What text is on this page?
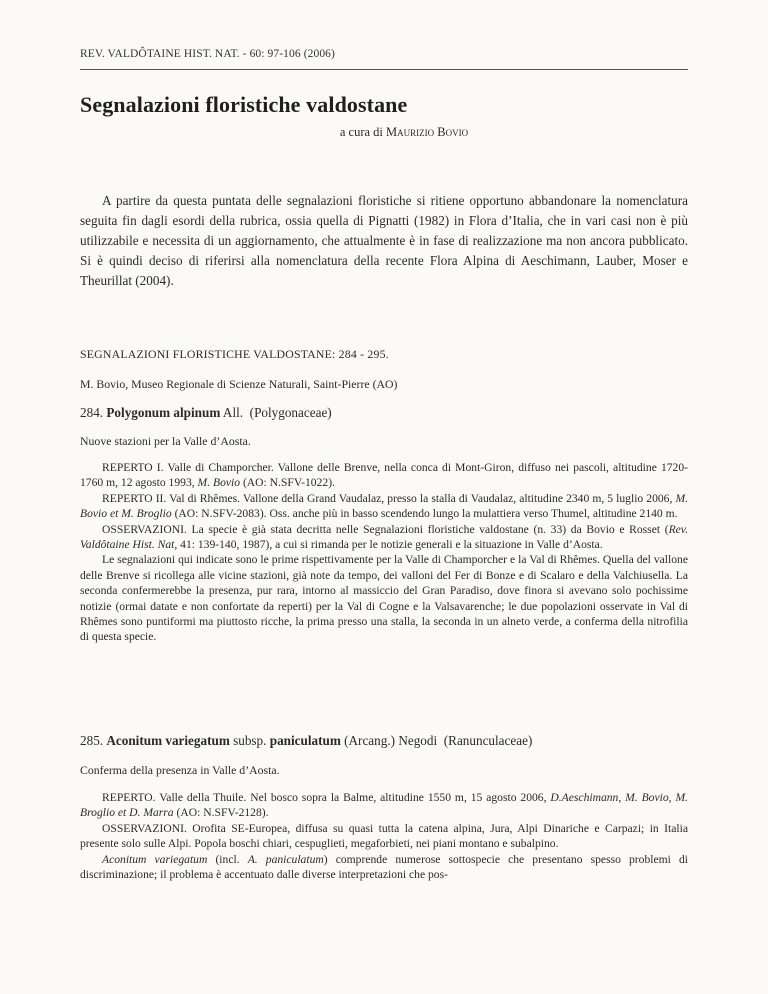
REV. VALDÔTAINE HIST. NAT. - 60: 97-106 (2006)
Segnalazioni floristiche valdostane
a cura di Maurizio Bovio
A partire da questa puntata delle segnalazioni floristiche si ritiene opportuno abbandonare la nomenclatura seguita fin dagli esordi della rubrica, ossia quella di Pignatti (1982) in Flora d’Italia, che in vari casi non è più utilizzabile e necessita di un aggiornamento, che attualmente è in fase di realizzazione ma non ancora pubblicato. Si è quindi deciso di riferirsi alla nomenclatura della recente Flora Alpina di Aeschimann, Lauber, Moser e Theurillat (2004).
SEGNALAZIONI FLORISTICHE VALDOSTANE: 284 - 295.
M. Bovio, Museo Regionale di Scienze Naturali, Saint-Pierre (AO)
284. Polygonum alpinum All. (Polygonaceae)
Nuove stazioni per la Valle d’Aosta.

REPERTO I. Valle di Champorcher. Vallone delle Brenve, nella conca di Mont-Giron, diffuso nei pascoli, altitudine 1720-1760 m, 12 agosto 1993, M. Bovio (AO: N.SFV-1022).

REPERTO II. Val di Rhêmes. Vallone della Grand Vaudalaz, presso la stalla di Vaudalaz, altitudine 2340 m, 5 luglio 2006, M. Bovio et M. Broglio (AO: N.SFV-2083). Oss. anche più in basso scendendo lungo la mulattiera verso Thumel, altitudine 2140 m.

OSSERVAZIONI. La specie è già stata decritta nelle Segnalazioni floristiche valdostane (n. 33) da Bovio e Rosset (Rev. Valdôtaine Hist. Nat, 41: 139-140, 1987), a cui si rimanda per le notizie generali e la situazione in Valle d’Aosta.

Le segnalazioni qui indicate sono le prime rispettivamente per la Valle di Champorcher e la Val di Rhêmes. Quella del vallone delle Brenve si ricollega alle vicine stazioni, già note da tempo, dei valloni del Fer di Bonze e di Scalaro e della Valchiusella. La seconda confermerebbe la presenza, pur rara, intorno al massiccio del Gran Paradiso, dove finora si avevano solo pochissime notizie (ormai datate e non confortate da reperti) per la Val di Cogne e la Valsavarenche; le due popolazioni osservate in Val di Rhêmes sono puntiformi ma piuttosto ricche, la prima presso una stalla, la seconda in un alneto verde, a conferma della nitrofilia di questa specie.

285. Aconitum variegatum subsp. paniculatum (Arcang.) Negodi (Ranunculaceae)
Conferma della presenza in Valle d’Aosta.

REPERTO. Valle della Thuile. Nel bosco sopra la Balme, altitudine 1550 m, 15 agosto 2006, D.Aeschimann, M. Bovio, M. Broglio et D. Marra (AO: N.SFV-2128).

OSSERVAZIONI. Orofita SE-Europea, diffusa su quasi tutta la catena alpina, Jura, Alpi Dinariche e Carpazi; in Italia presente solo sulle Alpi. Popola boschi chiari, cespuglieti, megaforbieti, nei piani montano e subalpino.

Aconitum variegatum (incl. A. paniculatum) comprende numerose sottospecie che presentano spesso problemi di discriminazione; il problema è accentuato dalle diverse interpretazioni che pos-
